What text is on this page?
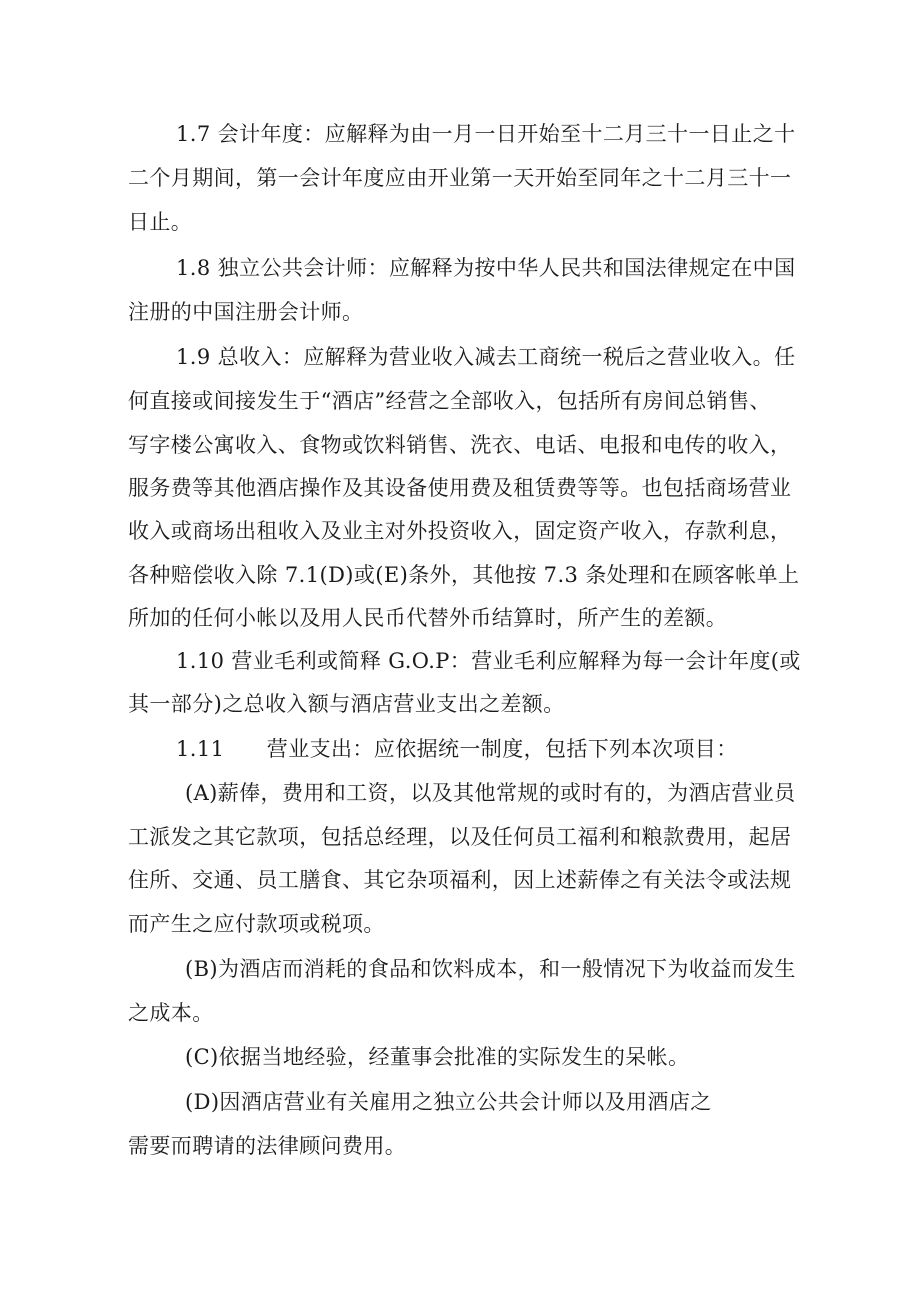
1.7 会计年度：应解释为由一月一日开始至十二月三十一日止之十
二个月期间，第一会计年度应由开业第一天开始至同年之十二月三十一
日止。
1.8 独立公共会计师：应解释为按中华人民共和国法律规定在中国
注册的中国注册会计师。
1.9 总收入：应解释为营业收入减去工商统一税后之营业收入。任
何直接或间接发生于“酒店”经营之全部收入，包括所有房间总销售、
写字楼公寓收入、食物或饮料销售、洗衣、电话、电报和电传的收入，
服务费等其他酒店操作及其设备使用费及租赁费等等。也包括商场营业
收入或商场出租收入及业主对外投资收入，固定资产收入，存款利息，
各种赔偿收入除 7.1(D)或(E)条外，其他按 7.3 条处理和在顾客帐单上
所加的任何小帐以及用人民币代替外币结算时，所产生的差额。
1.10 营业毛利或简释 G.O.P：营业毛利应解释为每一会计年度(或
其一部分)之总收入额与酒店营业支出之差额。
1.11      营业支出：应依据统一制度，包括下列本次项目：
(A)薪俸，费用和工资，以及其他常规的或时有的，为酒店营业员
工派发之其它款项，包括总经理，以及任何员工福利和粮款费用，起居
住所、交通、员工膳食、其它杂项福利，因上述薪俸之有关法令或法规
而产生之应付款项或税项。
(B)为酒店而消耗的食品和饮料成本，和一般情况下为收益而发生
之成本。
(C)依据当地经验，经董事会批准的实际发生的呆帐。
(D)因酒店营业有关雇用之独立公共会计师以及用酒店之
需要而聘请的法律顾问费用。
